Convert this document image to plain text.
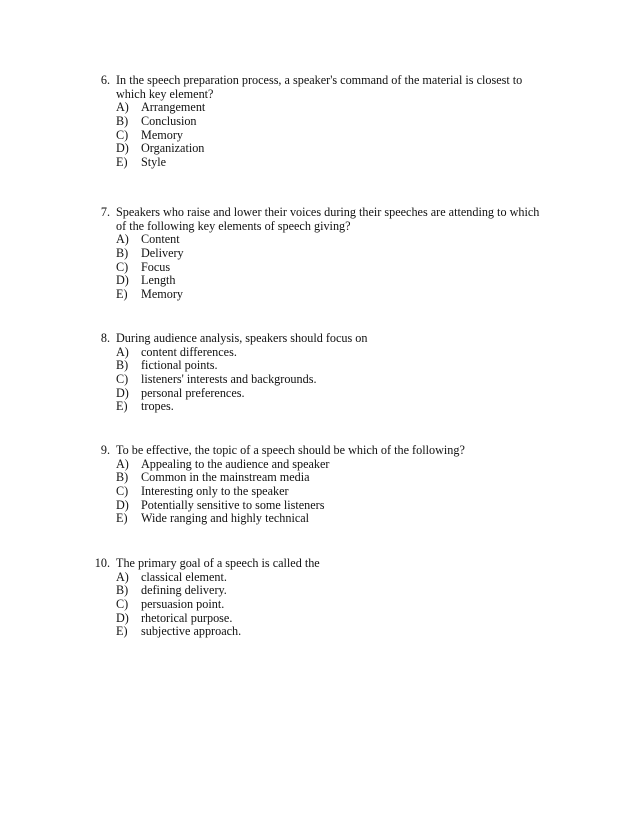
6. In the speech preparation process, a speaker's command of the material is closest to
which key element?
A) Arrangement
B) Conclusion
C) Memory
D) Organization
E) Style
7. Speakers who raise and lower their voices during their speeches are attending to which
of the following key elements of speech giving?
A) Content
B) Delivery
C) Focus
D) Length
E) Memory
8. During audience analysis, speakers should focus on
A) content differences.
B) fictional points.
C) listeners' interests and backgrounds.
D) personal preferences.
E) tropes.
9. To be effective, the topic of a speech should be which of the following?
A) Appealing to the audience and speaker
B) Common in the mainstream media
C) Interesting only to the speaker
D) Potentially sensitive to some listeners
E) Wide ranging and highly technical
10. The primary goal of a speech is called the
A) classical element.
B) defining delivery.
C) persuasion point.
D) rhetorical purpose.
E) subjective approach.
